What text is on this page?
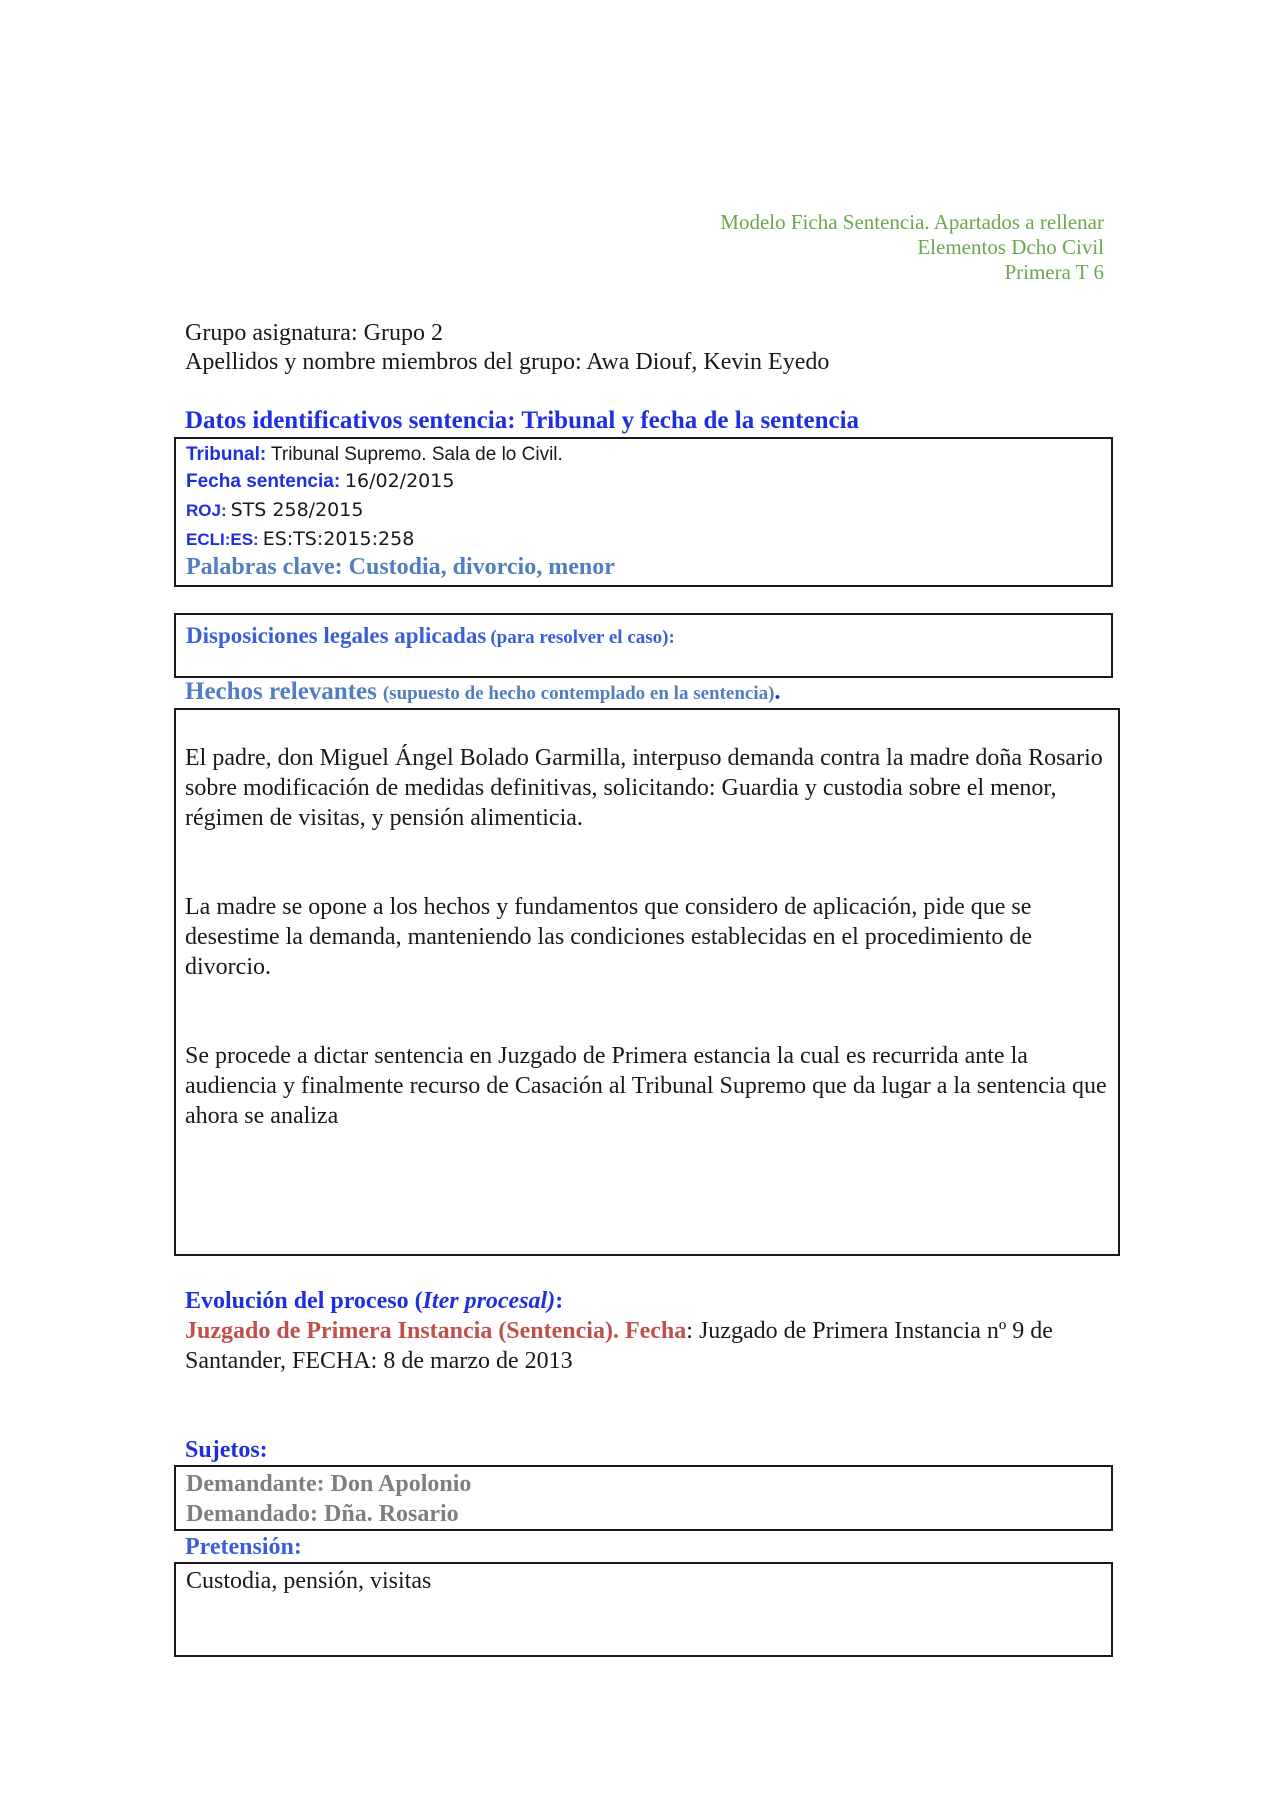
Modelo Ficha Sentencia. Apartados a rellenar
Elementos Dcho Civil
Primera T 6
Grupo asignatura: Grupo 2
Apellidos y nombre miembros del grupo: Awa Diouf, Kevin Eyedo
Datos identificativos sentencia: Tribunal y fecha de la sentencia
Tribunal: Tribunal Supremo. Sala de lo Civil.
Fecha sentencia: 16/02/2015
ROJ: STS 258/2015
ECLI:ES: ES:TS:2015:258
Palabras clave: Custodia, divorcio, menor
Disposiciones legales aplicadas (para resolver el caso):
Hechos relevantes (supuesto de hecho contemplado en la sentencia).
El padre, don Miguel Ángel Bolado Garmilla, interpuso demanda contra la madre doña Rosario sobre modificación de medidas definitivas, solicitando: Guardia y custodia sobre el menor, régimen de visitas, y pensión alimenticia.
La madre se opone a los hechos y fundamentos que considero de aplicación, pide que se desestime la demanda, manteniendo las condiciones establecidas en el procedimiento de divorcio.
Se procede a dictar sentencia en Juzgado de Primera estancia la cual es recurrida ante la audiencia y finalmente recurso de Casación al Tribunal Supremo que da lugar a la sentencia que ahora se analiza
Evolución del proceso (Iter procesal):
Juzgado de Primera Instancia (Sentencia). Fecha: Juzgado de Primera Instancia nº 9 de Santander, FECHA: 8 de marzo de 2013
Sujetos:
Demandante: Don Apolonio
Demandado: Dña. Rosario
Pretensión:
Custodia, pensión, visitas
